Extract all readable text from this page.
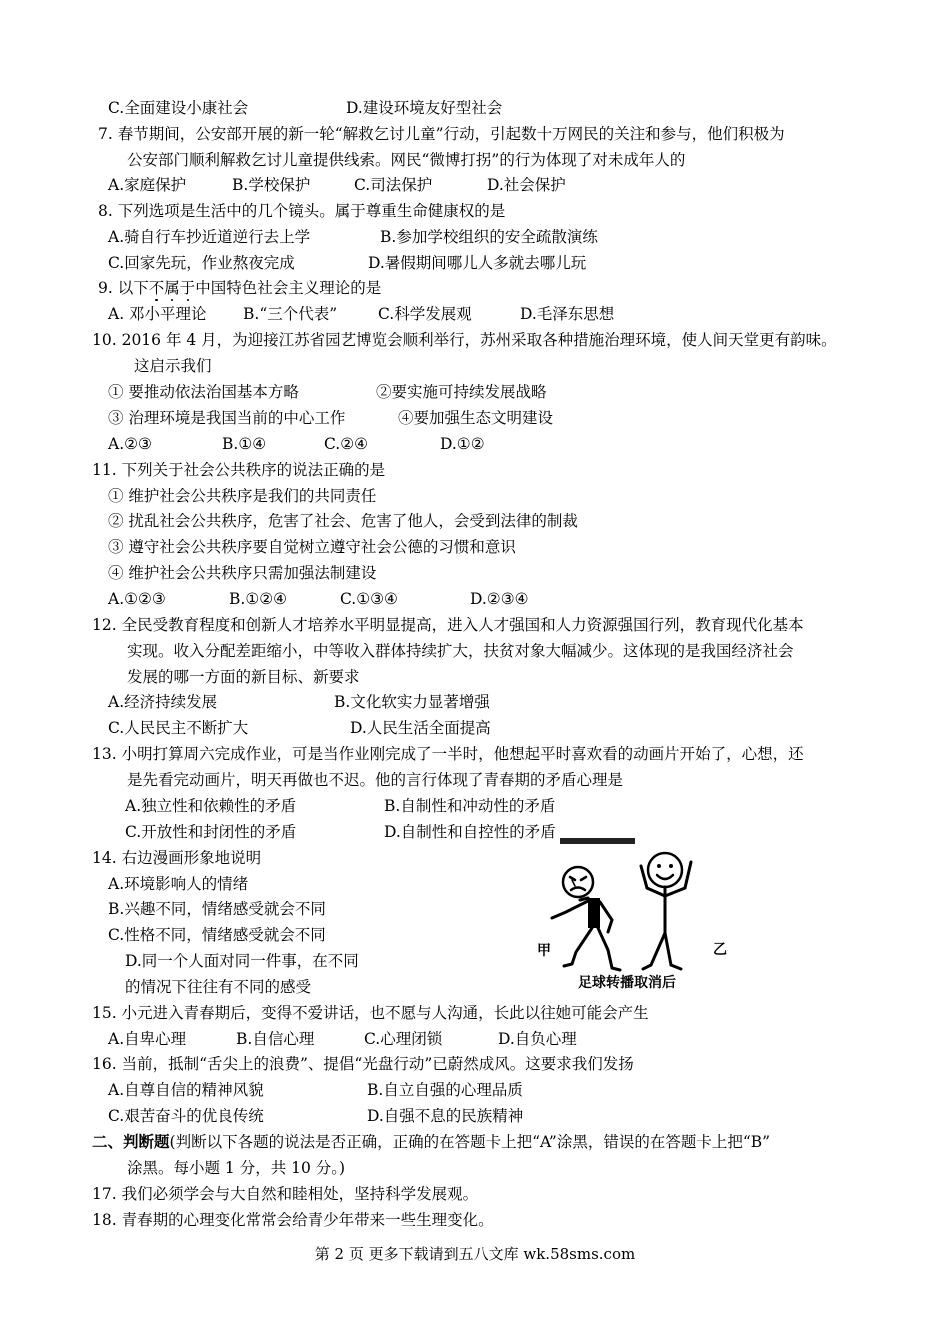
C.全面建设小康社会	D.建设环境友好型社会
7. 春节期间，公安部开展的新一轮“解救乞讨儿童”行动，引起数十万网民的关注和参与，他们积极为
公安部门顺利解救乞讨儿童提供线索。网民“微博打拐”的行为体现了对未成年人的
A.家庭保护	B.学校保护	C.司法保护	D.社会保护
8. 下列选项是生活中的几个镜头。属于尊重生命健康权的是
A.骑自行车抄近道逆行去上学	B.参加学校组织的安全疏散演练
C.回家先玩，作业熬夜完成	D.暑假期间哪儿人多就去哪儿玩
9. 以下不属于中国特色社会主义理论的是
A. 邓小平理论 B.“三个代表”	C.科学发展观	D.毛泽东思想
10. 2016 年 4 月，为迎接江苏省园艺博览会顺利举行，苏州采取各种措施治理环境，使人间天堂更有韵味。
这启示我们
① 要推动依法治国基本方略	②要实施可持续发展战略
③ 治理环境是我国当前的中心工作	④要加强生态文明建设
A.②③	B.①④	C.②④	D.①②
11. 下列关于社会公共秩序的说法正确的是
① 维护社会公共秩序是我们的共同责任
② 扰乱社会公共秩序，危害了社会、危害了他人，会受到法律的制裁
③ 遵守社会公共秩序要自觉树立遵守社会公德的习惯和意识
④ 维护社会公共秩序只需加强法制建设
A.①②③	B.①②④	C.①③④	D.②③④
12. 全民受教育程度和创新人才培养水平明显提高，进入人才强国和人力资源强国行列，教育现代化基本
实现。收入分配差距缩小，中等收入群体持续扩大，扶贫对象大幅减少。这体现的是我国经济社会
发展的哪一方面的新目标、新要求
A.经济持续发展	B.文化软实力显著增强
C.人民民主不断扩大	D.人民生活全面提高
13. 小明打算周六完成作业，可是当作业刚完成了一半时，他想起平时喜欢看的动画片开始了，心想，还
是先看完动画片，明天再做也不迟。他的言行体现了青春期的矛盾心理是
A.独立性和依赖性的矛盾	B.自制性和冲动性的矛盾
C.开放性和封闭性的矛盾	D.自制性和自控性的矛盾
14. 右边漫画形象地说明
A.环境影响人的情绪
B.兴趣不同，情绪感受就会不同
C.性格不同，情绪感受就会不同
D.同一个人面对同一件事，在不同
的情况下往往有不同的感受
甲	乙
足球转播取消后
15. 小元进入青春期后，变得不爱讲话，也不愿与人沟通，长此以往她可能会产生
A.自卑心理	B.自信心理	C.心理闭锁	D.自负心理
16. 当前，抵制“舌尖上的浪费”、提倡“光盘行动”已蔚然成风。这要求我们发扬
A.自尊自信的精神风貌	B.自立自强的心理品质
C.艰苦奋斗的优良传统	D.自强不息的民族精神
二、判断题(判断以下各题的说法是否正确，正确的在答题卡上把“A”涂黑，错误的在答题卡上把“B”
涂黑。每小题 1 分，共 10 分。)
17. 我们必须学会与大自然和睦相处，坚持科学发展观。
18. 青春期的心理变化常常会给青少年带来一些生理变化。
第 2 页 更多下载请到五八文库 wk.58sms.com
